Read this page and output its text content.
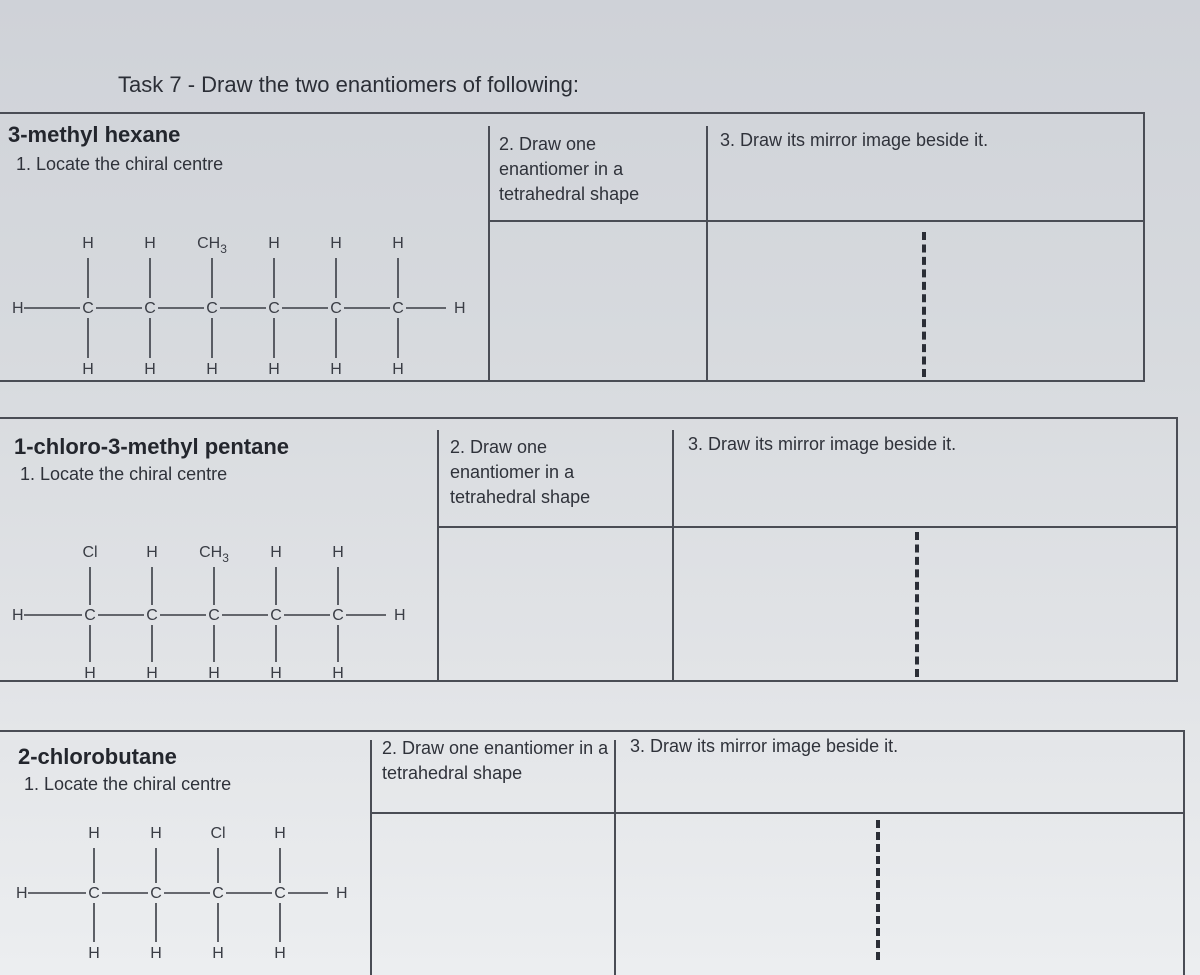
Task 7 - Draw the two enantiomers of following:
3-methyl hexane
1. Locate the chiral centre
2. Draw one enantiomer in a tetrahedral shape
3. Draw its mirror image beside it.
H
H
C
H
H
C
H
$CH_3$
C
H
H
C
H
H
C
H
H
C
H
H
1-chloro-3-methyl pentane
1. Locate the chiral centre
2. Draw one enantiomer in a tetrahedral shape
3. Draw its mirror image beside it.
H
Cl
C
H
H
C
H
$CH_3$
C
H
H
C
H
H
C
H
H
2-chlorobutane
1. Locate the chiral centre
2. Draw one enantiomer in a tetrahedral shape
3. Draw its mirror image beside it.
H
H
C
H
H
C
H
Cl
C
H
H
C
H
H
